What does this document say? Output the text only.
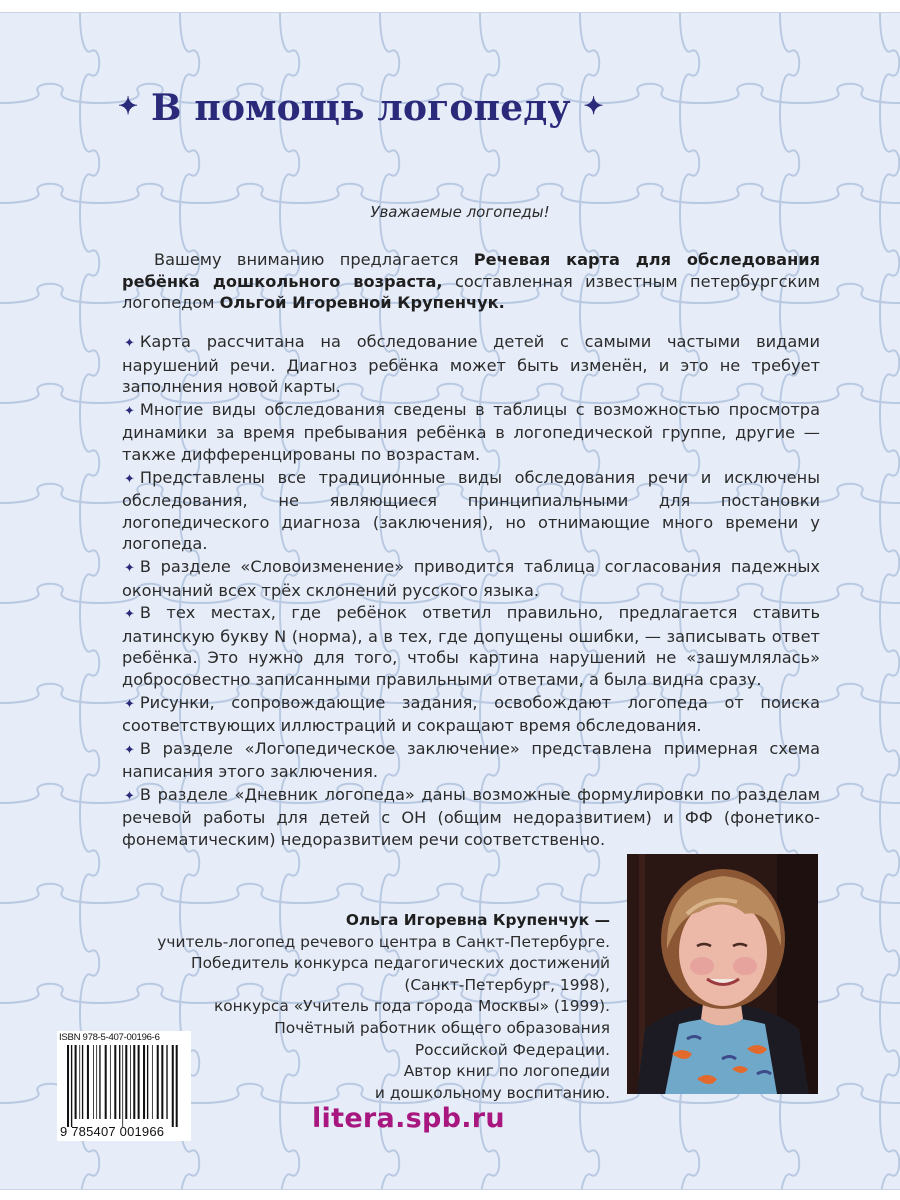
✦ В помощь логопеду ✦
Уважаемые логопеды!
Вашему вниманию предлагается Речевая карта для обследования ребёнка дошкольного возраста, составленная известным петербургским логопедом Ольгой Игоревной Крупенчук.
✦ Карта рассчитана на обследование детей с самыми частыми видами нарушений речи. Диагноз ребёнка может быть изменён, и это не требует заполнения новой карты.
✦ Многие виды обследования сведены в таблицы с возможностью просмотра динамики за время пребывания ребёнка в логопедической группе, другие — также дифференцированы по возрастам.
✦ Представлены все традиционные виды обследования речи и исключены обследования, не являющиеся принципиальными для постановки логопедического диагноза (заключения), но отнимающие много времени у логопеда.
✦ В разделе «Словоизменение» приводится таблица согласования падежных окончаний всех трёх склонений русского языка.
✦ В тех местах, где ребёнок ответил правильно, предлагается ставить латинскую букву N (норма), а в тех, где допущены ошибки, — записывать ответ ребёнка. Это нужно для того, чтобы картина нарушений не «зашумлялась» добросовестно записанными правильными ответами, а была видна сразу.
✦ Рисунки, сопровождающие задания, освобождают логопеда от поиска соответствующих иллюстраций и сокращают время обследования.
✦ В разделе «Логопедическое заключение» представлена примерная схема написания этого заключения.
✦ В разделе «Дневник логопеда» даны возможные формулировки по разделам речевой работы для детей с ОН (общим недоразвитием) и ФФ (фонетико-фонематическим) недоразвитием речи соответственно.
Ольга Игоревна Крупенчук —
учитель-логопед речевого центра в Санкт-Петербурге.
Победитель конкурса педагогических достижений
(Санкт-Петербург, 1998),
конкурса «Учитель года города Москвы» (1999).
Почётный работник общего образования
Российской Федерации.
Автор книг по логопедии
и дошкольному воспитанию.
ISBN 978-5-407-00196-6
9 785407 001966	litera.spb.ru
